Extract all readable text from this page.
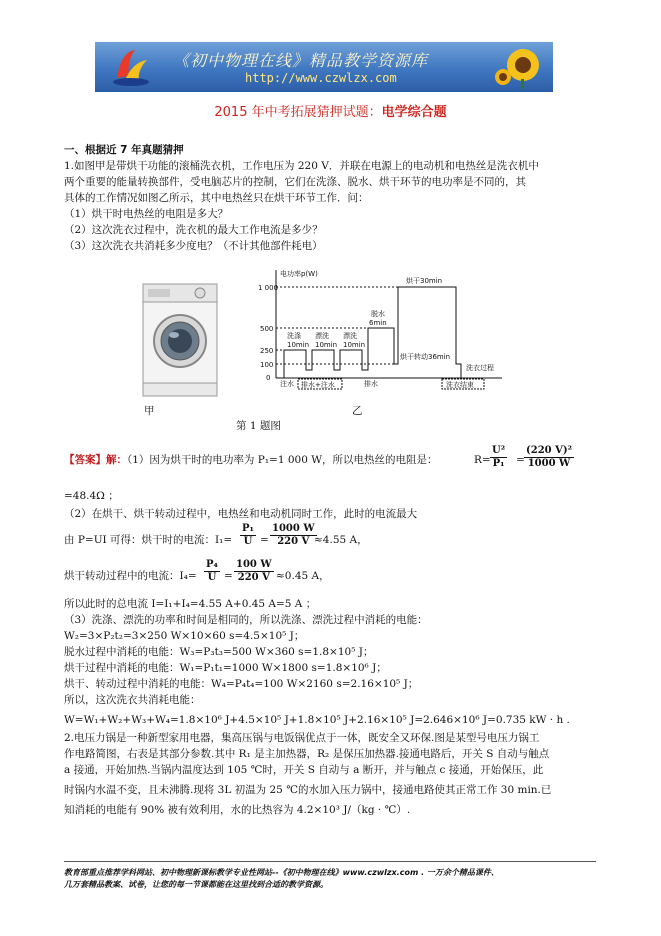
《初中物理在线》精品教学资源库
http://www.czwlzx.com
2015 年中考拓展猜押试题：电学综合题
一、根据近 7 年真题猜押
1.如图甲是带烘干功能的滚桶洗衣机，工作电压为 220 V．并联在电源上的电动机和电热丝是洗衣机中
两个重要的能量转换部件，受电脑芯片的控制，它们在洗涤、脱水、烘干环节的电功率是不同的，其
具体的工作情况如图乙所示，其中电热丝只在烘干环节工作．问：
（1）烘干时电热丝的电阻是多大？
（2）这次洗衣过程中，洗衣机的最大工作电流是多少？
（3）这次洗衣共消耗多少度电？（不计其他部件耗电）
电功率p(W)
1 000
500
250
100
0
烘干30min
洗涤
10min
漂洗
10min
漂洗
10min
脱水
6min
烘干转动36min
洗衣过程
注水 排水+注水	排水	洗衣结束
甲	乙
第 1 题图
【答案】解：（1）因为烘干时的电功率为 P₁=1 000 W，所以电热丝的电阻是：	$R= \frac{\text{U²}}{\text{P₁}} = \frac{\text{(220 V)²}}{1000 W}$
=48.4Ω ；
（2）在烘干、烘干转动过程中，电热丝和电动机同时工作，此时的电流最大
由 P=UI 可得：烘干时的电流：$I_1= \frac{\text{P₁}}{U} = \frac{1000 W}{220 V}$
≈4.55 A，
烘干转动过程中的电流：$I_4= \frac{\text{P₄}}{U} = \frac{100 W}{220 V} \approx 0.45$ A，
所以此时的总电流 I=I₁+I₄=4.55 A+0.45 A=5 A ；
（3）洗涤、漂洗的功率和时间是相同的，所以洗涤、漂洗过程中消耗的电能：
W₂=3×P₂t₂=3×250 W×10×60 s=4.5×10⁵ J；
脱水过程中消耗的电能：W₃=P₃t₃=500 W×360 s=1.8×10⁵ J；
烘干过程中消耗的电能：W₁=P₁t₁=1000 W×1800 s=1.8×10⁶ J；
烘干、转动过程中消耗的电能：W₄=P₄t₄=100 W×2160 s=2.16×10⁵ J；
所以，这次洗衣共消耗电能：
W=W₁+W₂+W₃+W₄=1.8×10⁶ J+4.5×10⁵ J+1.8×10⁵ J+2.16×10⁵ J=2.646×10⁶ J=0.735 kW · h .
2.电压力锅是一种新型家用电器，集高压锅与电饭锅优点于一体，既安全又环保.图是某型号电压力锅工
作电路简图，右表是其部分参数.其中 R₁ 是主加热器，R₂ 是保压加热器.接通电路后，开关 S 自动与触点
a 接通，开始加热.当锅内温度达到 105 ℃时，开关 S 自动与 a 断开，并与触点 c 接通，开始保压，此
时锅内水温不变，且未沸腾.现将 3L 初温为 25 ℃的水加入压力锅中，接通电路使其正常工作 30 min.已
知消耗的电能有 90% 被有效利用，水的比热容为 4.2×10³ J/（kg · ℃）.
教育部重点推荐学科网站、初中物理新课标教学专业性网站--《初中物理在线》www.czwlzx.com . 一万余个精品课件、
几万套精品教案、试卷，让您的每一节课都能在这里找到合适的教学资源。
